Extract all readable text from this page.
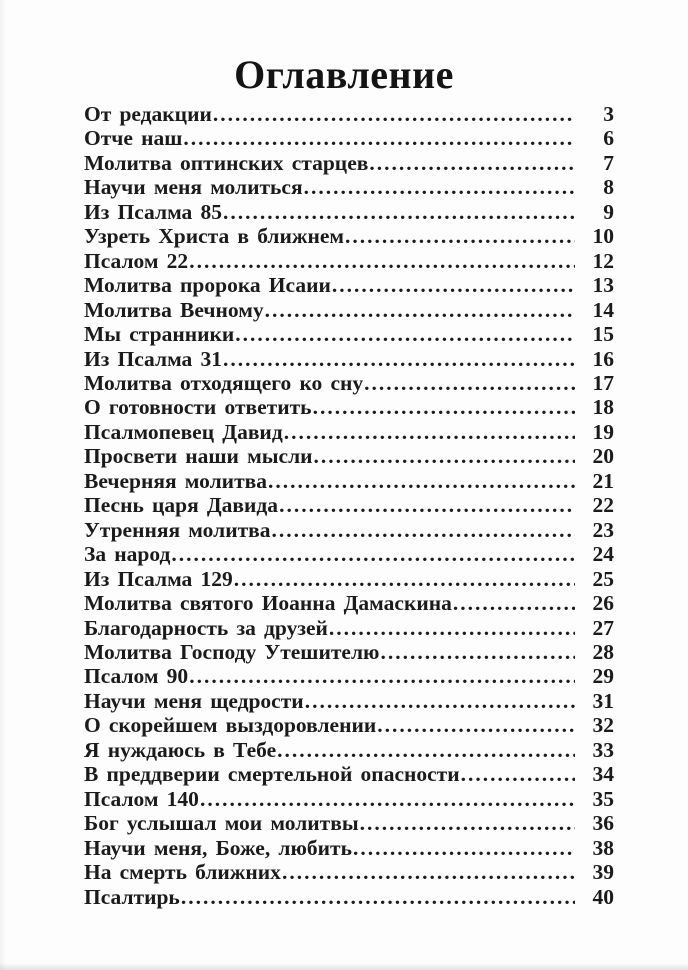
Оглавление
От редакции .....	3
Отче наш .....	6
Молитва оптинских старцев .....	7
Научи меня молиться .....	8
Из Псалма 85 .....	9
Узреть Христа в ближнем .....	10
Псалом 22 .....	12
Молитва пророка Исаии .....	13
Молитва Вечному .....	14
Мы странники .....	15
Из Псалма 31 .....	16
Молитва отходящего ко сну .....	17
О готовности ответить .....	18
Псалмопевец Давид .....	19
Просвети наши мысли .....	20
Вечерняя молитва .....	21
Песнь царя Давида .....	22
Утренняя молитва .....	23
За народ .....	24
Из Псалма 129 .....	25
Молитва святого Иоанна Дамаскина .....	26
Благодарность за друзей .....	27
Молитва Господу Утешителю .....	28
Псалом 90 .....	29
Научи меня щедрости .....	31
О скорейшем выздоровлении .....	32
Я нуждаюсь в Тебе .....	33
В преддверии смертельной опасности .....	34
Псалом 140 .....	35
Бог услышал мои молитвы .....	36
Научи меня, Боже, любить .....	38
На смерть ближних .....	39
Псалтирь .....	40
